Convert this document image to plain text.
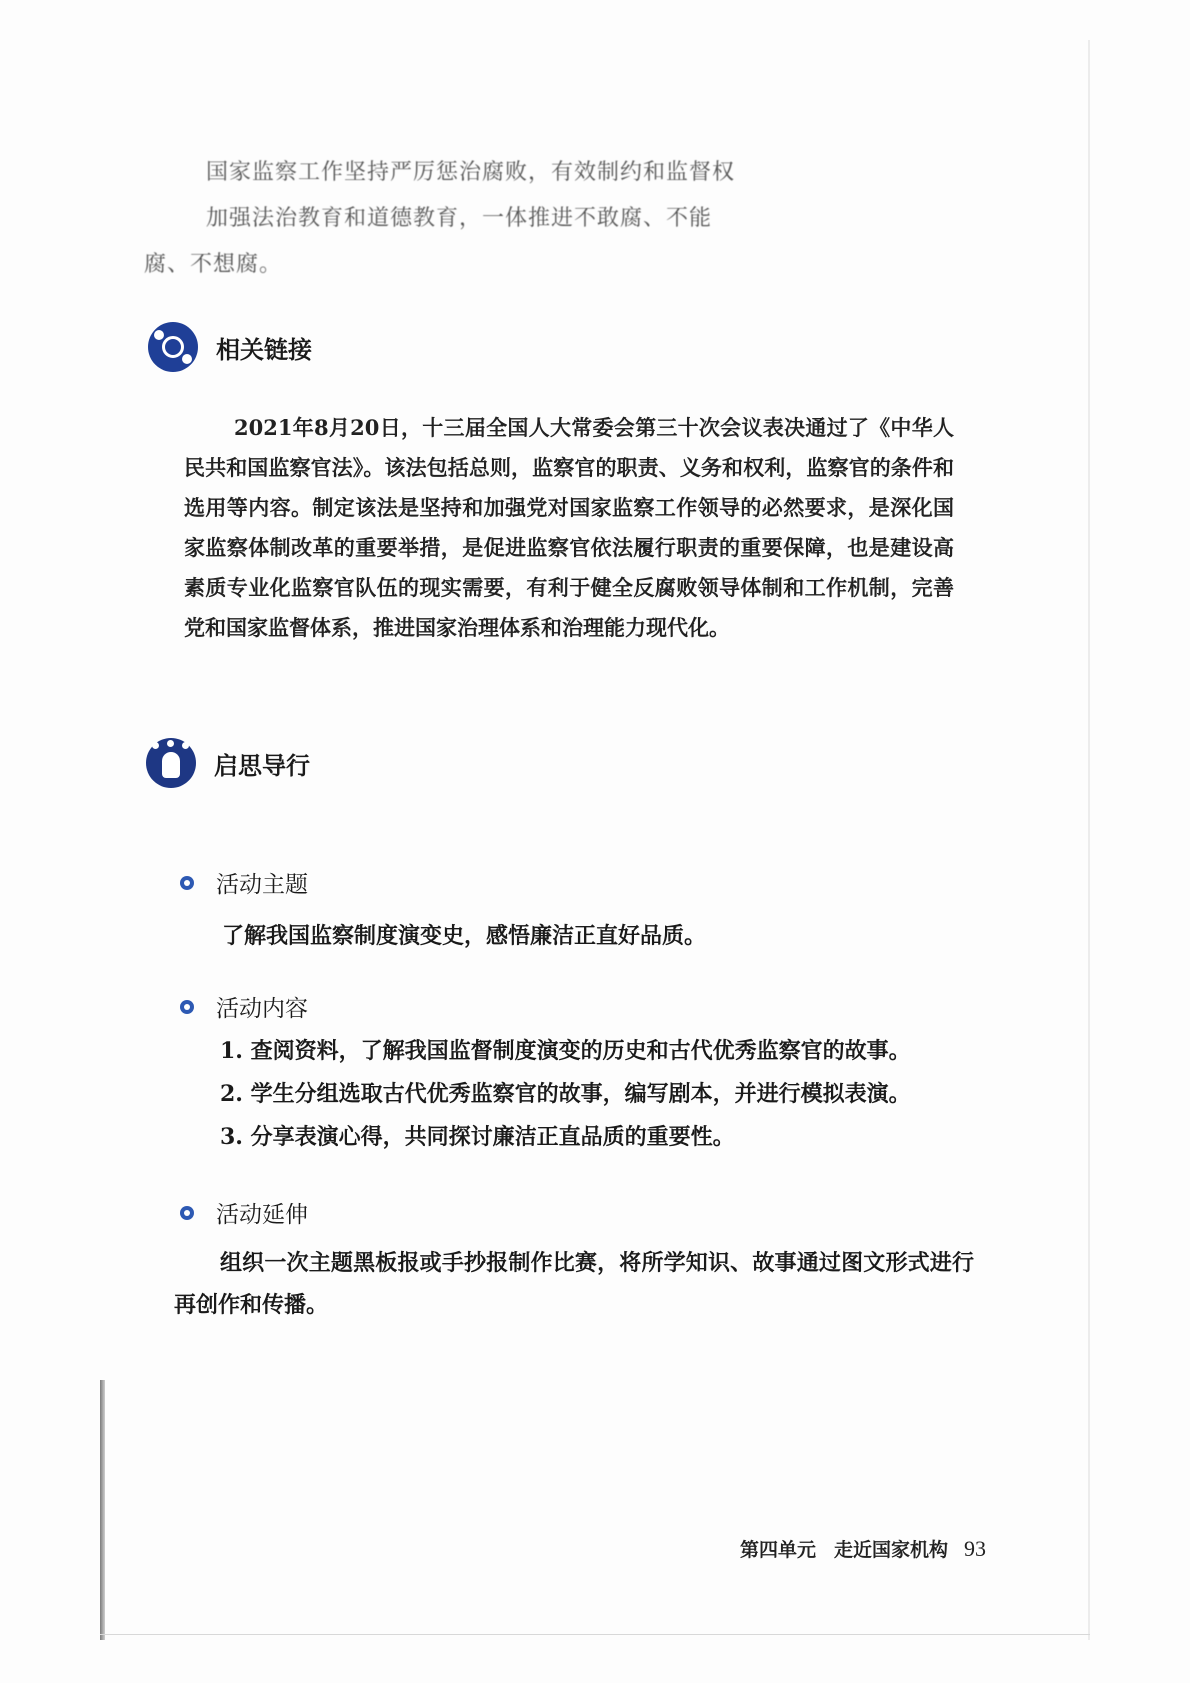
国家监察工作坚持严厉惩治腐败，有效制约和监督权
加强法治教育和道德教育，一体推进不敢腐、不能
腐、不想腐。
相关链接
2021年8月20日，十三届全国人大常委会第三十次会议表决通过了《中华人民共和国监察官法》。该法包括总则，监察官的职责、义务和权利，监察官的条件和选用等内容。制定该法是坚持和加强党对国家监察工作领导的必然要求，是深化国家监察体制改革的重要举措，是促进监察官依法履行职责的重要保障，也是建设高素质专业化监察官队伍的现实需要，有利于健全反腐败领导体制和工作机制，完善党和国家监督体系，推进国家治理体系和治理能力现代化。
启思导行
活动主题
了解我国监察制度演变史，感悟廉洁正直好品质。
活动内容
1. 查阅资料，了解我国监督制度演变的历史和古代优秀监察官的故事。
2. 学生分组选取古代优秀监察官的故事，编写剧本，并进行模拟表演。
3. 分享表演心得，共同探讨廉洁正直品质的重要性。
活动延伸
组织一次主题黑板报或手抄报制作比赛，将所学知识、故事通过图文形式进行再创作和传播。
第四单元 走近国家机构 93
